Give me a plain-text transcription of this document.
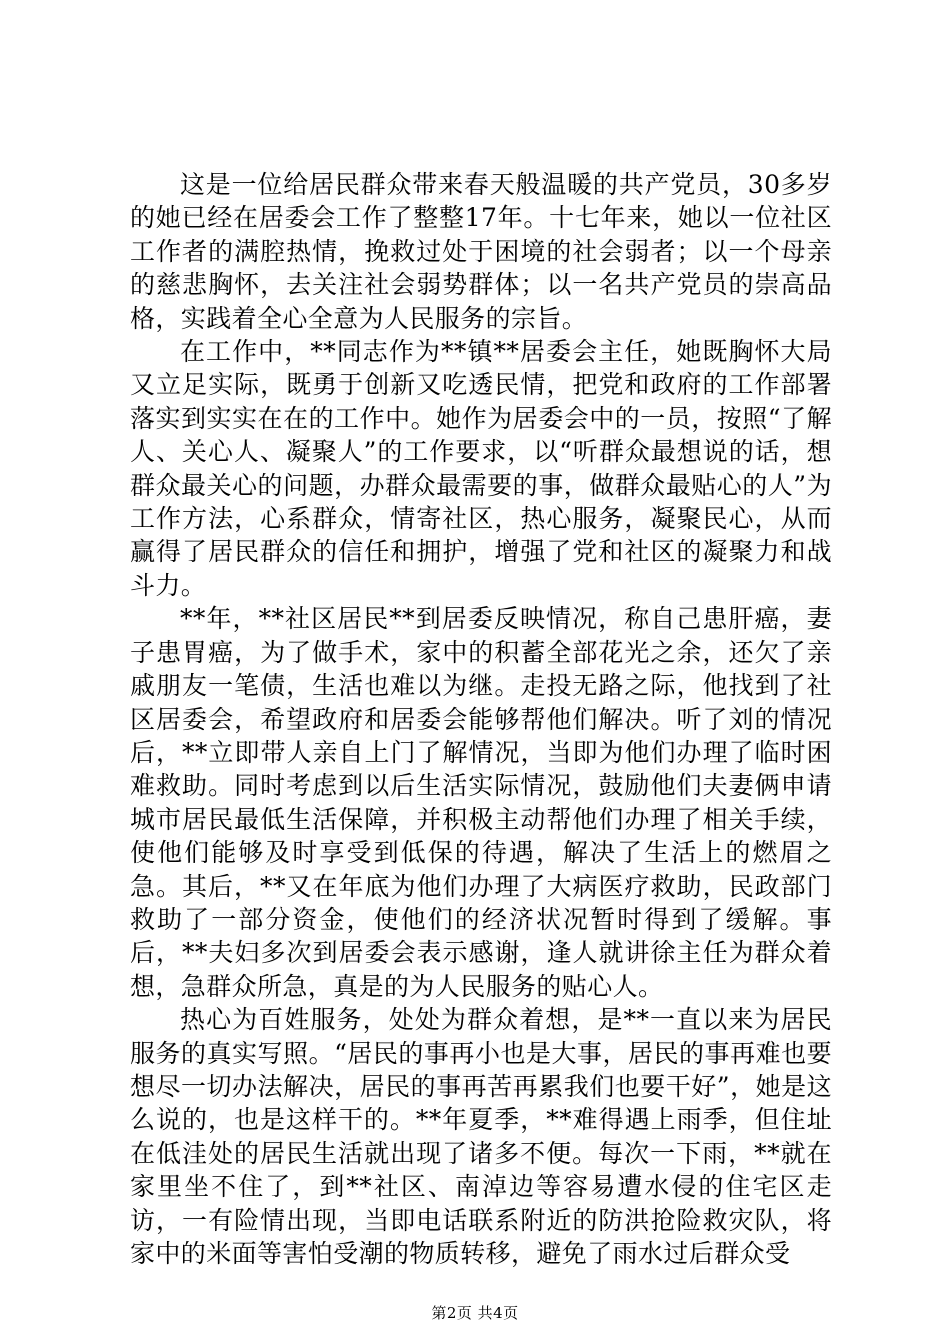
这是一位给居民群众带来春天般温暖的共产党员，30多岁的她已经在居委会工作了整整17年。十七年来，她以一位社区工作者的满腔热情，挽救过处于困境的社会弱者；以一个母亲的慈悲胸怀，去关注社会弱势群体；以一名共产党员的崇高品格，实践着全心全意为人民服务的宗旨。

在工作中，**同志作为**镇**居委会主任，她既胸怀大局又立足实际，既勇于创新又吃透民情，把党和政府的工作部署落实到实实在在的工作中。她作为居委会中的一员，按照“了解人、关心人、凝聚人”的工作要求，以“听群众最想说的话，想群众最关心的问题，办群众最需要的事，做群众最贴心的人”为工作方法，心系群众，情寄社区，热心服务，凝聚民心，从而赢得了居民群众的信任和拥护，增强了党和社区的凝聚力和战斗力。

**年，**社区居民**到居委反映情况，称自己患肝癌，妻子患胃癌，为了做手术，家中的积蓄全部花光之余，还欠了亲戚朋友一笔债，生活也难以为继。走投无路之际，他找到了社区居委会，希望政府和居委会能够帮他们解决。听了刘的情况后，**立即带人亲自上门了解情况，当即为他们办理了临时困难救助。同时考虑到以后生活实际情况，鼓励他们夫妻俩申请城市居民最低生活保障，并积极主动帮他们办理了相关手续，使他们能够及时享受到低保的待遇，解决了生活上的燃眉之急。其后，**又在年底为他们办理了大病医疗救助，民政部门救助了一部分资金，使他们的经济状况暂时得到了缓解。事后，**夫妇多次到居委会表示感谢，逢人就讲徐主任为群众着想，急群众所急，真是的为人民服务的贴心人。

热心为百姓服务，处处为群众着想，是**一直以来为居民服务的真实写照。“居民的事再小也是大事，居民的事再难也要想尽一切办法解决，居民的事再苦再累我们也要干好”，她是这么说的，也是这样干的。**年夏季，**难得遇上雨季，但住址在低洼处的居民生活就出现了诸多不便。每次一下雨，**就在家里坐不住了，到**社区、南淖边等容易遭水侵的住宅区走访，一有险情出现，当即电话联系附近的防洪抢险救灾队，将家中的米面等害怕受潮的物质转移，避免了雨水过后群众受

第2页 共4页
